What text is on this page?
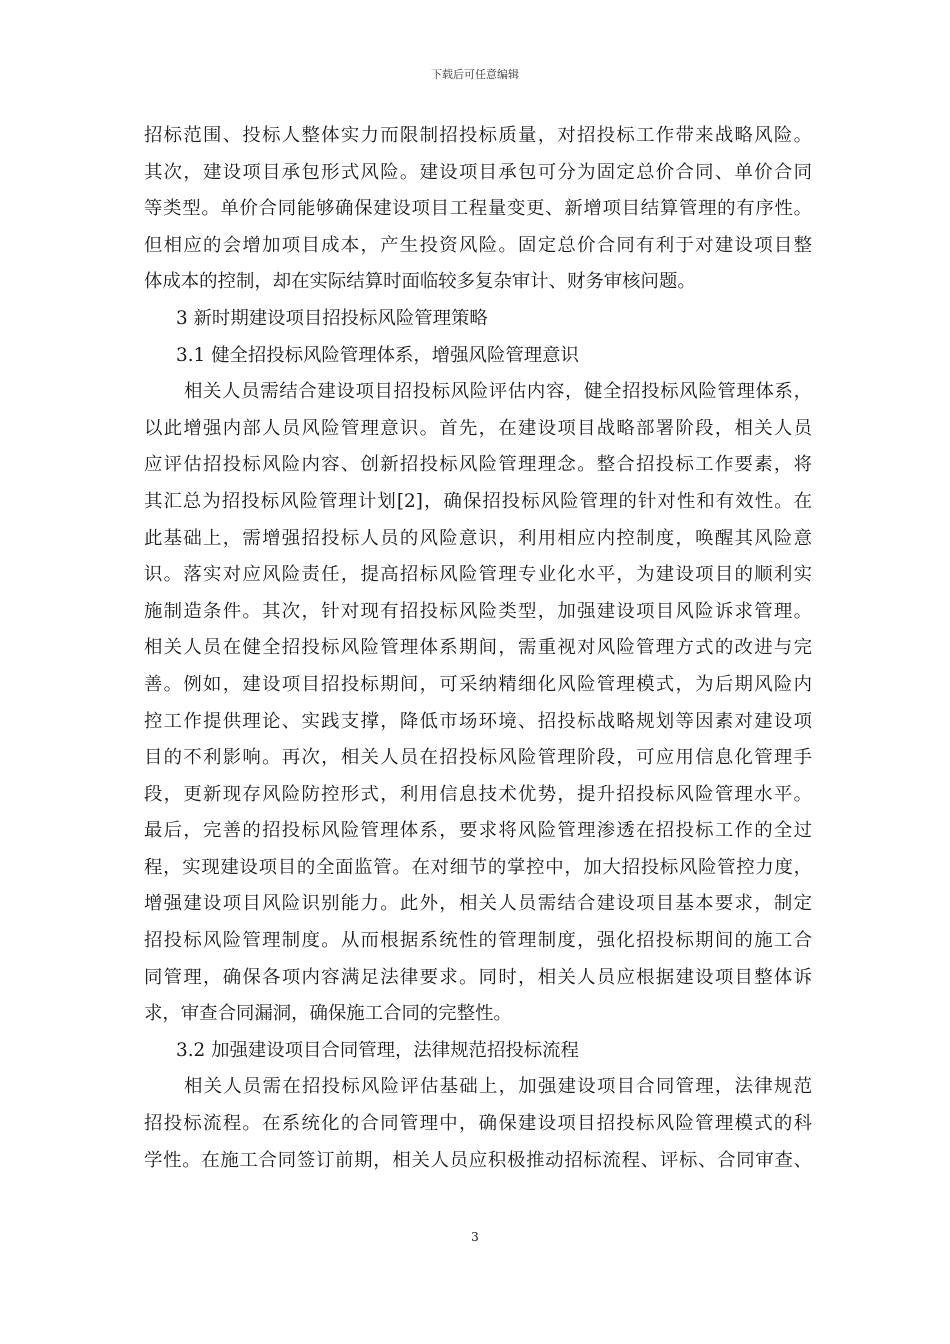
下载后可任意编辑
招标范围、投标人整体实力而限制招投标质量，对招投标工作带来战略风险。
其次，建设项目承包形式风险。建设项目承包可分为固定总价合同、单价合同
等类型。单价合同能够确保建设项目工程量变更、新增项目结算管理的有序性。
但相应的会增加项目成本，产生投资风险。固定总价合同有利于对建设项目整
体成本的控制，却在实际结算时面临较多复杂审计、财务审核问题。
3 新时期建设项目招投标风险管理策略
3.1 健全招投标风险管理体系，增强风险管理意识
相关人员需结合建设项目招投标风险评估内容，健全招投标风险管理体系，
以此增强内部人员风险管理意识。首先，在建设项目战略部署阶段，相关人员
应评估招投标风险内容、创新招投标风险管理理念。整合招投标工作要素，将
其汇总为招投标风险管理计划[2]，确保招投标风险管理的针对性和有效性。在
此基础上，需增强招投标人员的风险意识，利用相应内控制度，唤醒其风险意
识。落实对应风险责任，提高招标风险管理专业化水平，为建设项目的顺利实
施制造条件。其次，针对现有招投标风险类型，加强建设项目风险诉求管理。
相关人员在健全招投标风险管理体系期间，需重视对风险管理方式的改进与完
善。例如，建设项目招投标期间，可采纳精细化风险管理模式，为后期风险内
控工作提供理论、实践支撑，降低市场环境、招投标战略规划等因素对建设项
目的不利影响。再次，相关人员在招投标风险管理阶段，可应用信息化管理手
段，更新现存风险防控形式，利用信息技术优势，提升招投标风险管理水平。
最后，完善的招投标风险管理体系，要求将风险管理渗透在招投标工作的全过
程，实现建设项目的全面监管。在对细节的掌控中，加大招投标风险管控力度，
增强建设项目风险识别能力。此外，相关人员需结合建设项目基本要求，制定
招投标风险管理制度。从而根据系统性的管理制度，强化招投标期间的施工合
同管理，确保各项内容满足法律要求。同时，相关人员应根据建设项目整体诉
求，审查合同漏洞，确保施工合同的完整性。
3.2 加强建设项目合同管理，法律规范招投标流程
相关人员需在招投标风险评估基础上，加强建设项目合同管理，法律规范
招投标流程。在系统化的合同管理中，确保建设项目招投标风险管理模式的科
学性。在施工合同签订前期，相关人员应积极推动招标流程、评标、合同审查、
3
